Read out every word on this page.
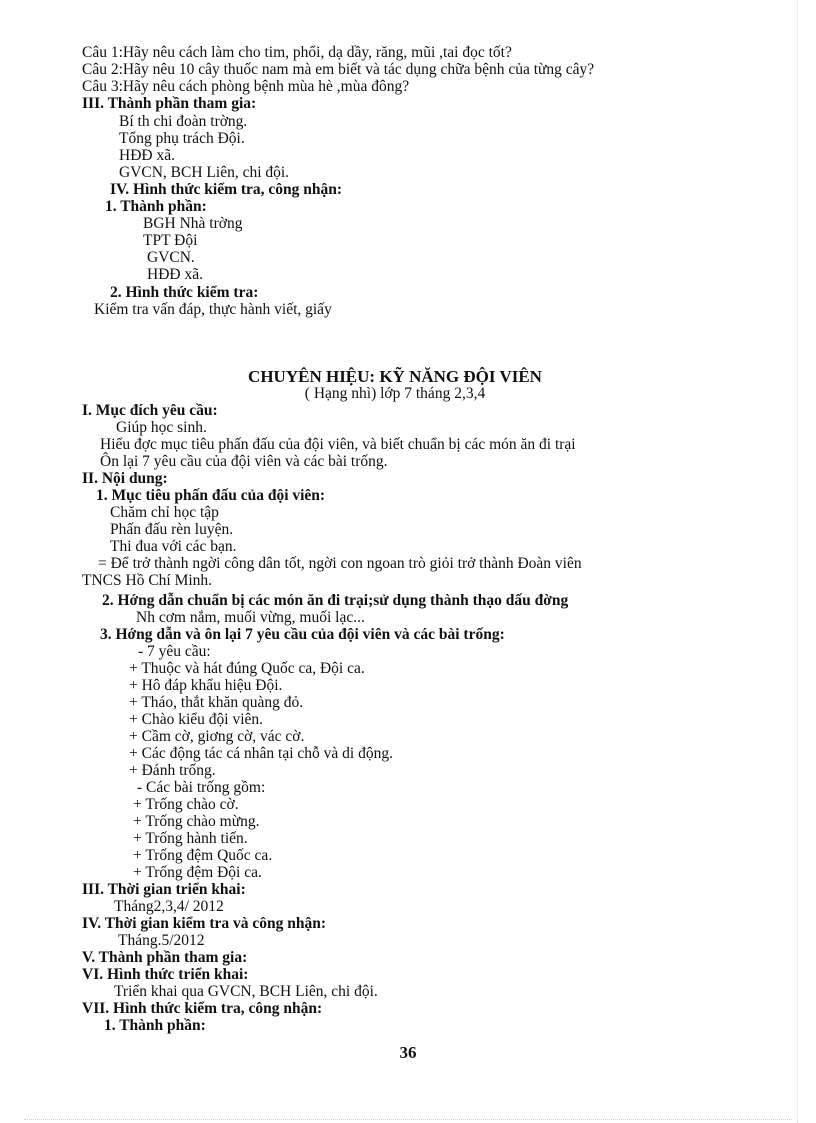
Câu 1:Hãy nêu cách làm cho tim, phổi, dạ dầy, răng, mũi ,tai đọc tốt?
Câu 2:Hãy nêu 10 cây thuốc nam mà em biết và tác dụng chữa bệnh của từng cây?
Câu 3:Hãy nêu cách phòng bệnh mùa hè ,mùa đông?
III. Thành phần tham gia:
Bí th chi đoàn trờng.
Tổng phụ trách Đội.
HĐĐ xã.
GVCN, BCH Liên, chi đội.
IV. Hình thức kiểm tra, công nhận:
1. Thành phần:
BGH Nhà trờng
TPT Đội
GVCN.
HĐĐ xã.
2. Hình thức kiểm tra:
Kiểm tra vấn đáp, thực hành viết, giấy
CHUYÊN HIỆU: KỸ NĂNG ĐỘI VIÊN
( Hạng nhì) lớp 7 tháng 2,3,4
I. Mục đích yêu cầu:
Giúp học sinh.
Hiểu đợc mục tiêu phấn đấu của đội viên, và biết chuẩn bị các món ăn đi trại
Ôn lại 7 yêu cầu của đội viên và các bài trống.
II. Nội dung:
1. Mục tiêu phấn đấu của đội viên:
Chăm chỉ học tập
Phấn đấu rèn luyện.
Thi đua với các bạn.
= Để trở thành ngời công dân tốt, ngời con ngoan trò giỏi trở thành Đoàn viên
TNCS Hồ Chí Minh.
2. Hớng dẫn chuẩn bị các món ăn đi trại;sử dụng thành thạo dấu đờng
Nh cơm nắm, muối vừng, muối lạc...
3. Hớng dẫn và ôn lại 7 yêu cầu của đội viên và các bài trống:
- 7 yêu cầu:
+ Thuộc và hát đúng Quốc ca, Đội ca.
+ Hô đáp khẩu hiệu Đội.
+ Tháo, thắt khăn quàng đỏ.
+ Chào kiểu đội viên.
+ Cầm cờ, giơng cờ, vác cờ.
+ Các động tác cá nhân tại chỗ và di động.
+ Đánh trống.
- Các bài trống gồm:
+ Trống chào cờ.
+ Trống chào mừng.
+ Trống hành tiến.
+ Trống đệm Quốc ca.
+ Trống đệm Đội ca.
III. Thời gian triển khai:
Tháng2,3,4/ 2012
IV. Thời gian kiểm tra và công nhận:
Tháng.5/2012
V. Thành phần tham gia:
VI. Hình thức triển khai:
Triển khai qua GVCN, BCH Liên, chi đội.
VII. Hình thức kiểm tra, công nhận:
1. Thành phần:
36
